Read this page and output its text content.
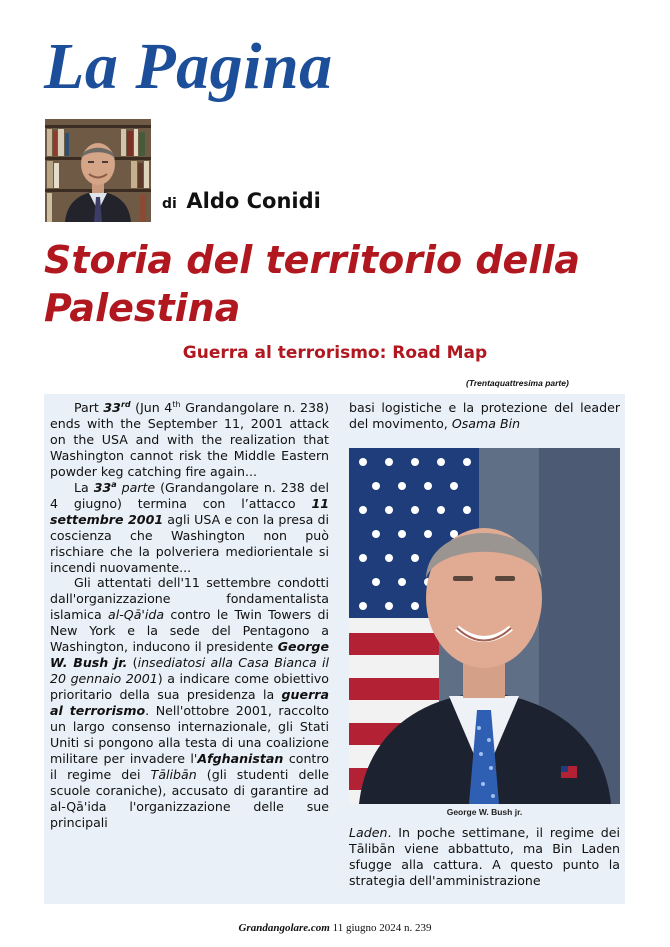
La Pagina
di Aldo Conidi
Storia del territorio della Palestina
Guerra al terrorismo: Road Map
(Trentaquattresima parte)

Part 33rd (Jun 4th Grandangolare n. 238) ends with the September 11, 2001 attack on the USA and with the realization that Washington cannot risk the Middle Eastern powder keg catching fire again...

La 33$^a$ parte (Grandangolare n. 238 del 4 giugno) termina con l’attacco 11 settembre 2001 agli USA e con la presa di coscienza che Washington non può rischiare che la polveriera mediorientale si incendi nuovamente...

Gli attentati dell'11 settembre condotti dall'organizzazione fondamentalista islamica al-Qā'ida contro le Twin Towers di New York e la sede del Pentagono a Washington, inducono il presidente George W. Bush jr. (insediatosi alla Casa Bianca il 20 gennaio 2001) a indicare come obiettivo prioritario della sua presidenza la guerra al terrorismo. Nell'ottobre 2001, raccolto un largo consenso internazionale, gli Stati Uniti si pongono alla testa di una coalizione militare per invadere l'Afghanistan contro il regime dei Tālibān (gli studenti delle scuole coraniche), accusato di garantire ad al-Qā'ida l'organizzazione delle sue principali

basi logistiche e la protezione del leader del movimento, Osama Bin

George W. Bush jr.

Laden. In poche settimane, il regime dei Tālibān viene abbattuto, ma Bin Laden sfugge alla cattura. A questo punto la strategia dell'amministrazione

Grandangolare.com 11 giugno 2024 n. 239
